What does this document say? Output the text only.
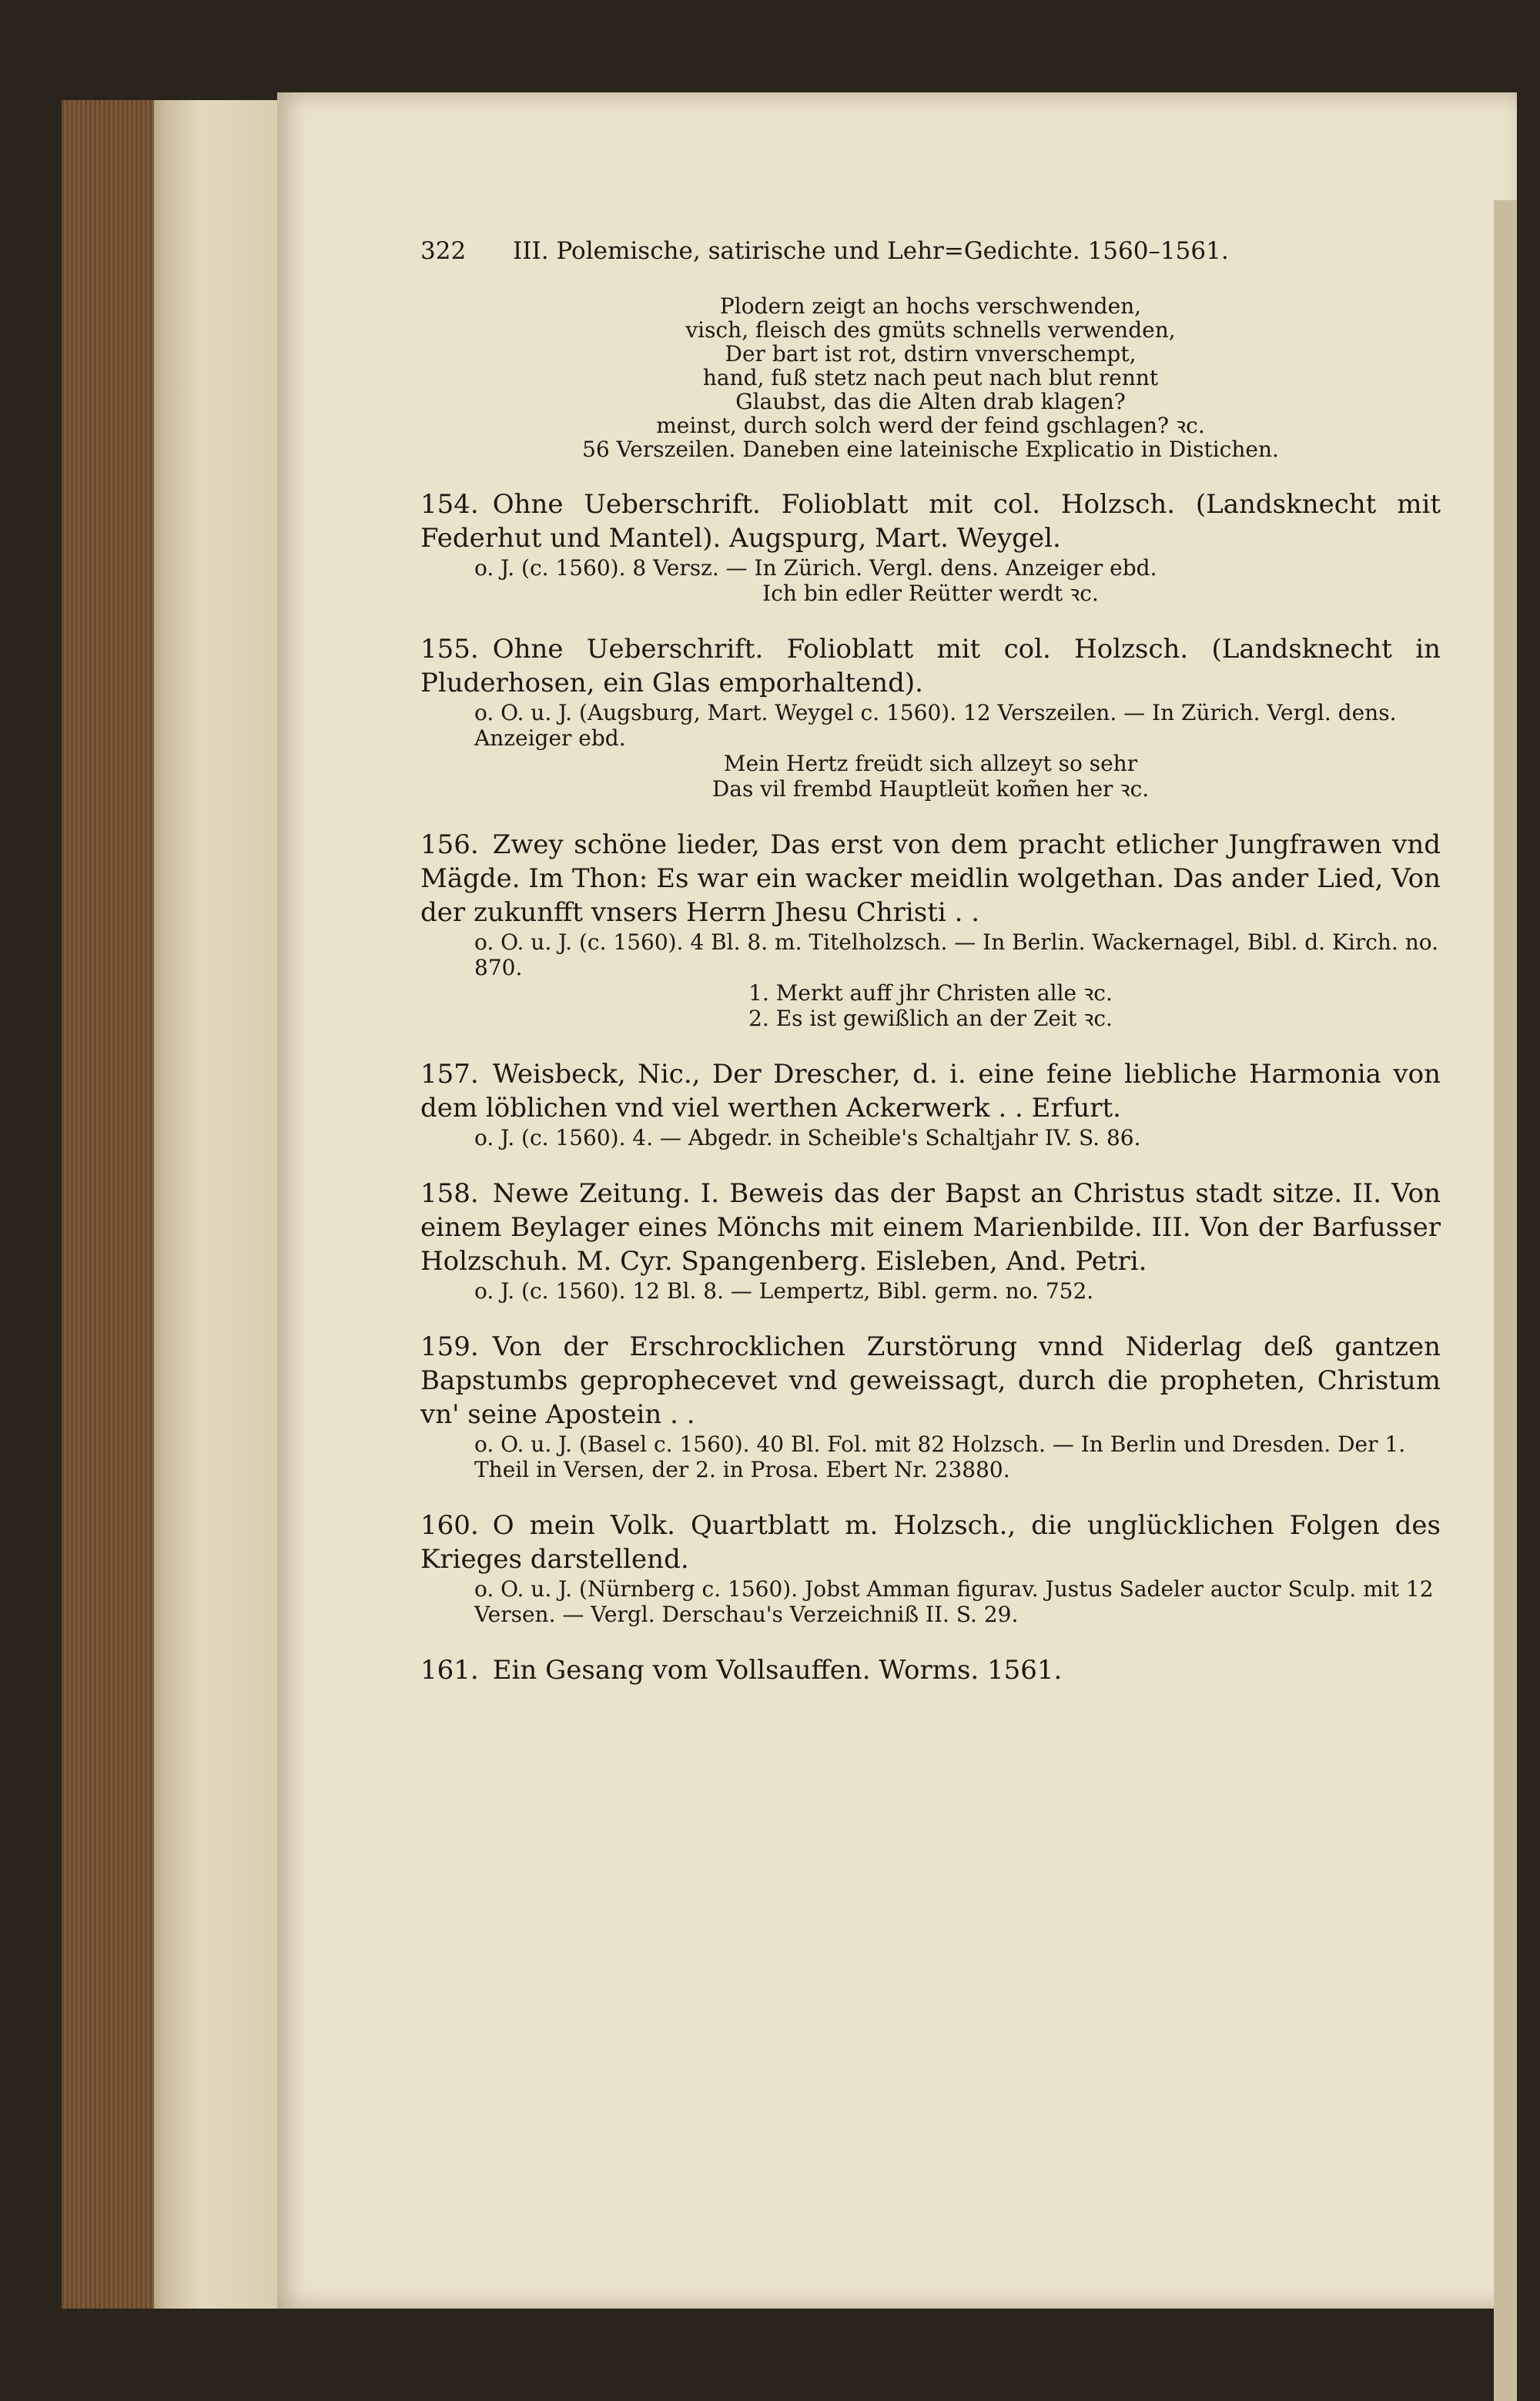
322	III. Polemische, satirische und Lehr=Gedichte. 1560–1561.
Plodern zeigt an hochs verschwenden,
visch, fleisch des gmüts schnells verwenden,
Der bart ist rot, dstirn vnverschempt,
hand, fuß stetz nach peut nach blut rennt
Glaubst, das die Alten drab klagen?
meinst, durch solch werd der feind gschlagen? ꝛc.
56 Verszeilen. Daneben eine lateinische Explicatio in Distichen.
154. Ohne Ueberschrift. Folioblatt mit col. Holzsch. (Landsknecht mit Federhut und Mantel). Augspurg, Mart. Weygel.
o. J. (c. 1560). 8 Versz. — In Zürich. Vergl. dens. Anzeiger ebd.
Ich bin edler Reütter werdt ꝛc.
155. Ohne Ueberschrift. Folioblatt mit col. Holzsch. (Landsknecht in Pluderhosen, ein Glas emporhaltend).
o. O. u. J. (Augsburg, Mart. Weygel c. 1560). 12 Verszeilen. — In Zürich. Vergl. dens. Anzeiger ebd.
Mein Hertz freüdt sich allzeyt so sehr
Das vil frembd Hauptleüt kom̃en her ꝛc.
156. Zwey schöne lieder, Das erst von dem pracht etlicher Jungfrawen vnd Mägde. Im Thon: Es war ein wacker meidlin wolgethan. Das ander Lied, Von der zukunfft vnsers Herrn Jhesu Christi . .
o. O. u. J. (c. 1560). 4 Bl. 8. m. Titelholzsch. — In Berlin. Wackernagel, Bibl. d. Kirch. no. 870.
1. Merkt auff jhr Christen alle ꝛc.
2. Es ist gewißlich an der Zeit ꝛc.
157. Weisbeck, Nic., Der Drescher, d. i. eine feine liebliche Harmonia von dem löblichen vnd viel werthen Ackerwerk . . Erfurt.
o. J. (c. 1560). 4. — Abgedr. in Scheible's Schaltjahr IV. S. 86.
158. Newe Zeitung. I. Beweis das der Bapst an Christus stadt sitze. II. Von einem Beylager eines Mönchs mit einem Marienbilde. III. Von der Barfusser Holzschuh. M. Cyr. Spangenberg. Eisleben, And. Petri.
o. J. (c. 1560). 12 Bl. 8. — Lempertz, Bibl. germ. no. 752.
159. Von der Erschrocklichen Zurstörung vnnd Niderlag deß gantzen Bapstumbs geprophecevet vnd geweissagt, durch die propheten, Christum vn' seine Apostein . .
o. O. u. J. (Basel c. 1560). 40 Bl. Fol. mit 82 Holzsch. — In Berlin und Dresden. Der 1. Theil in Versen, der 2. in Prosa. Ebert Nr. 23880.
160. O mein Volk. Quartblatt m. Holzsch., die unglücklichen Folgen des Krieges darstellend.
o. O. u. J. (Nürnberg c. 1560). Jobst Amman figurav. Justus Sadeler auctor Sculp. mit 12 Versen. — Vergl. Derschau's Verzeichniß II. S. 29.
161. Ein Gesang vom Vollsauffen. Worms. 1561.
